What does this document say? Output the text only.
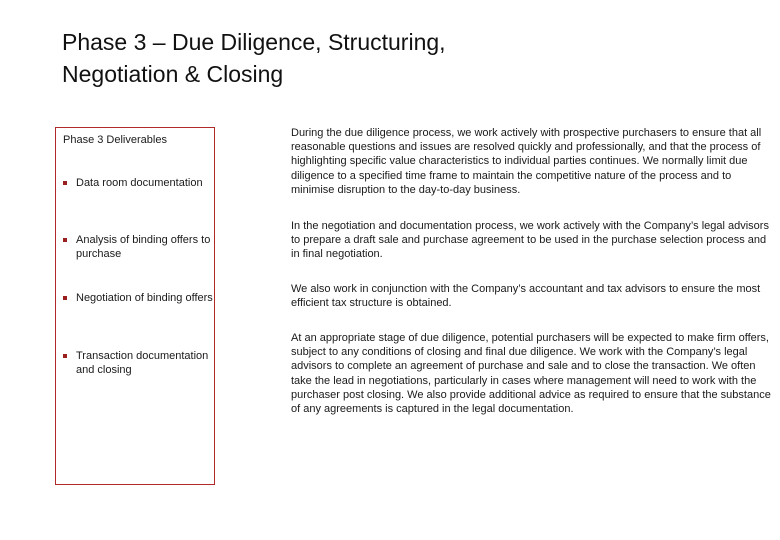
Phase 3 – Due Diligence, Structuring,
Negotiation & Closing
Phase 3 Deliverables
Data room documentation
Analysis of binding offers to purchase
Negotiation of binding offers
Transaction documentation and closing

During the due diligence process, we work actively with prospective purchasers to ensure that all reasonable questions and issues are resolved quickly and professionally, and that the process of highlighting specific value characteristics to individual parties continues. We normally limit due diligence to a specified time frame to maintain the competitive nature of the process and to minimise disruption to the day-to-day business.

In the negotiation and documentation process, we work actively with the Company’s legal advisors to prepare a draft sale and purchase agreement to be used in the purchase selection process and in final negotiation.

We also work in conjunction with the Company’s accountant and tax advisors to ensure the most efficient tax structure is obtained.

At an appropriate stage of due diligence, potential purchasers will be expected to make firm offers, subject to any conditions of closing and final due diligence. We work with the Company’s legal advisors to complete an agreement of purchase and sale and to close the transaction. We often take the lead in negotiations, particularly in cases where management will need to work with the purchaser post closing. We also provide additional advice as required to ensure that the substance of any agreements is captured in the legal documentation.
